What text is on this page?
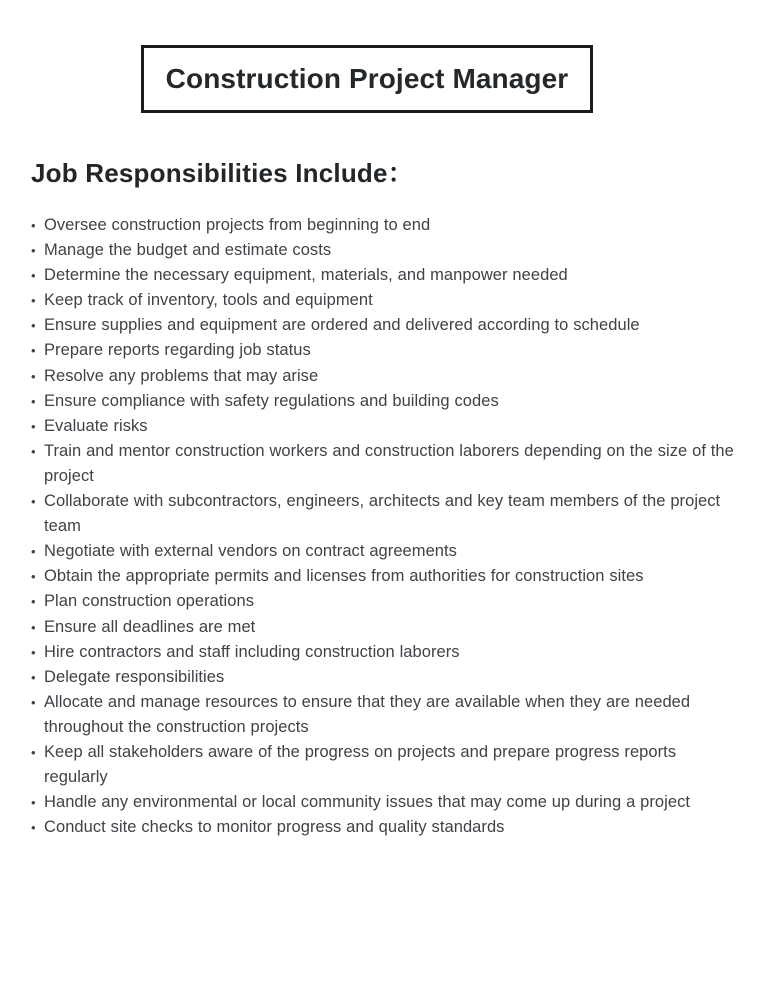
Construction Project Manager
Job Responsibilities Include：
• Oversee construction projects from beginning to end
• Manage the budget and estimate costs
• Determine the necessary equipment, materials, and manpower needed
• Keep track of inventory, tools and equipment
• Ensure supplies and equipment are ordered and delivered according to schedule
• Prepare reports regarding job status
• Resolve any problems that may arise
• Ensure compliance with safety regulations and building codes
• Evaluate risks
• Train and mentor construction workers and construction laborers depending on the size of the project
• Collaborate with subcontractors, engineers, architects and key team members of the project team
• Negotiate with external vendors on contract agreements
• Obtain the appropriate permits and licenses from authorities for construction sites
• Plan construction operations
• Ensure all deadlines are met
• Hire contractors and staff including construction laborers
• Delegate responsibilities
• Allocate and manage resources to ensure that they are available when they are needed throughout the construction projects
• Keep all stakeholders aware of the progress on projects and prepare progress reports regularly
• Handle any environmental or local community issues that may come up during a project
• Conduct site checks to monitor progress and quality standards
